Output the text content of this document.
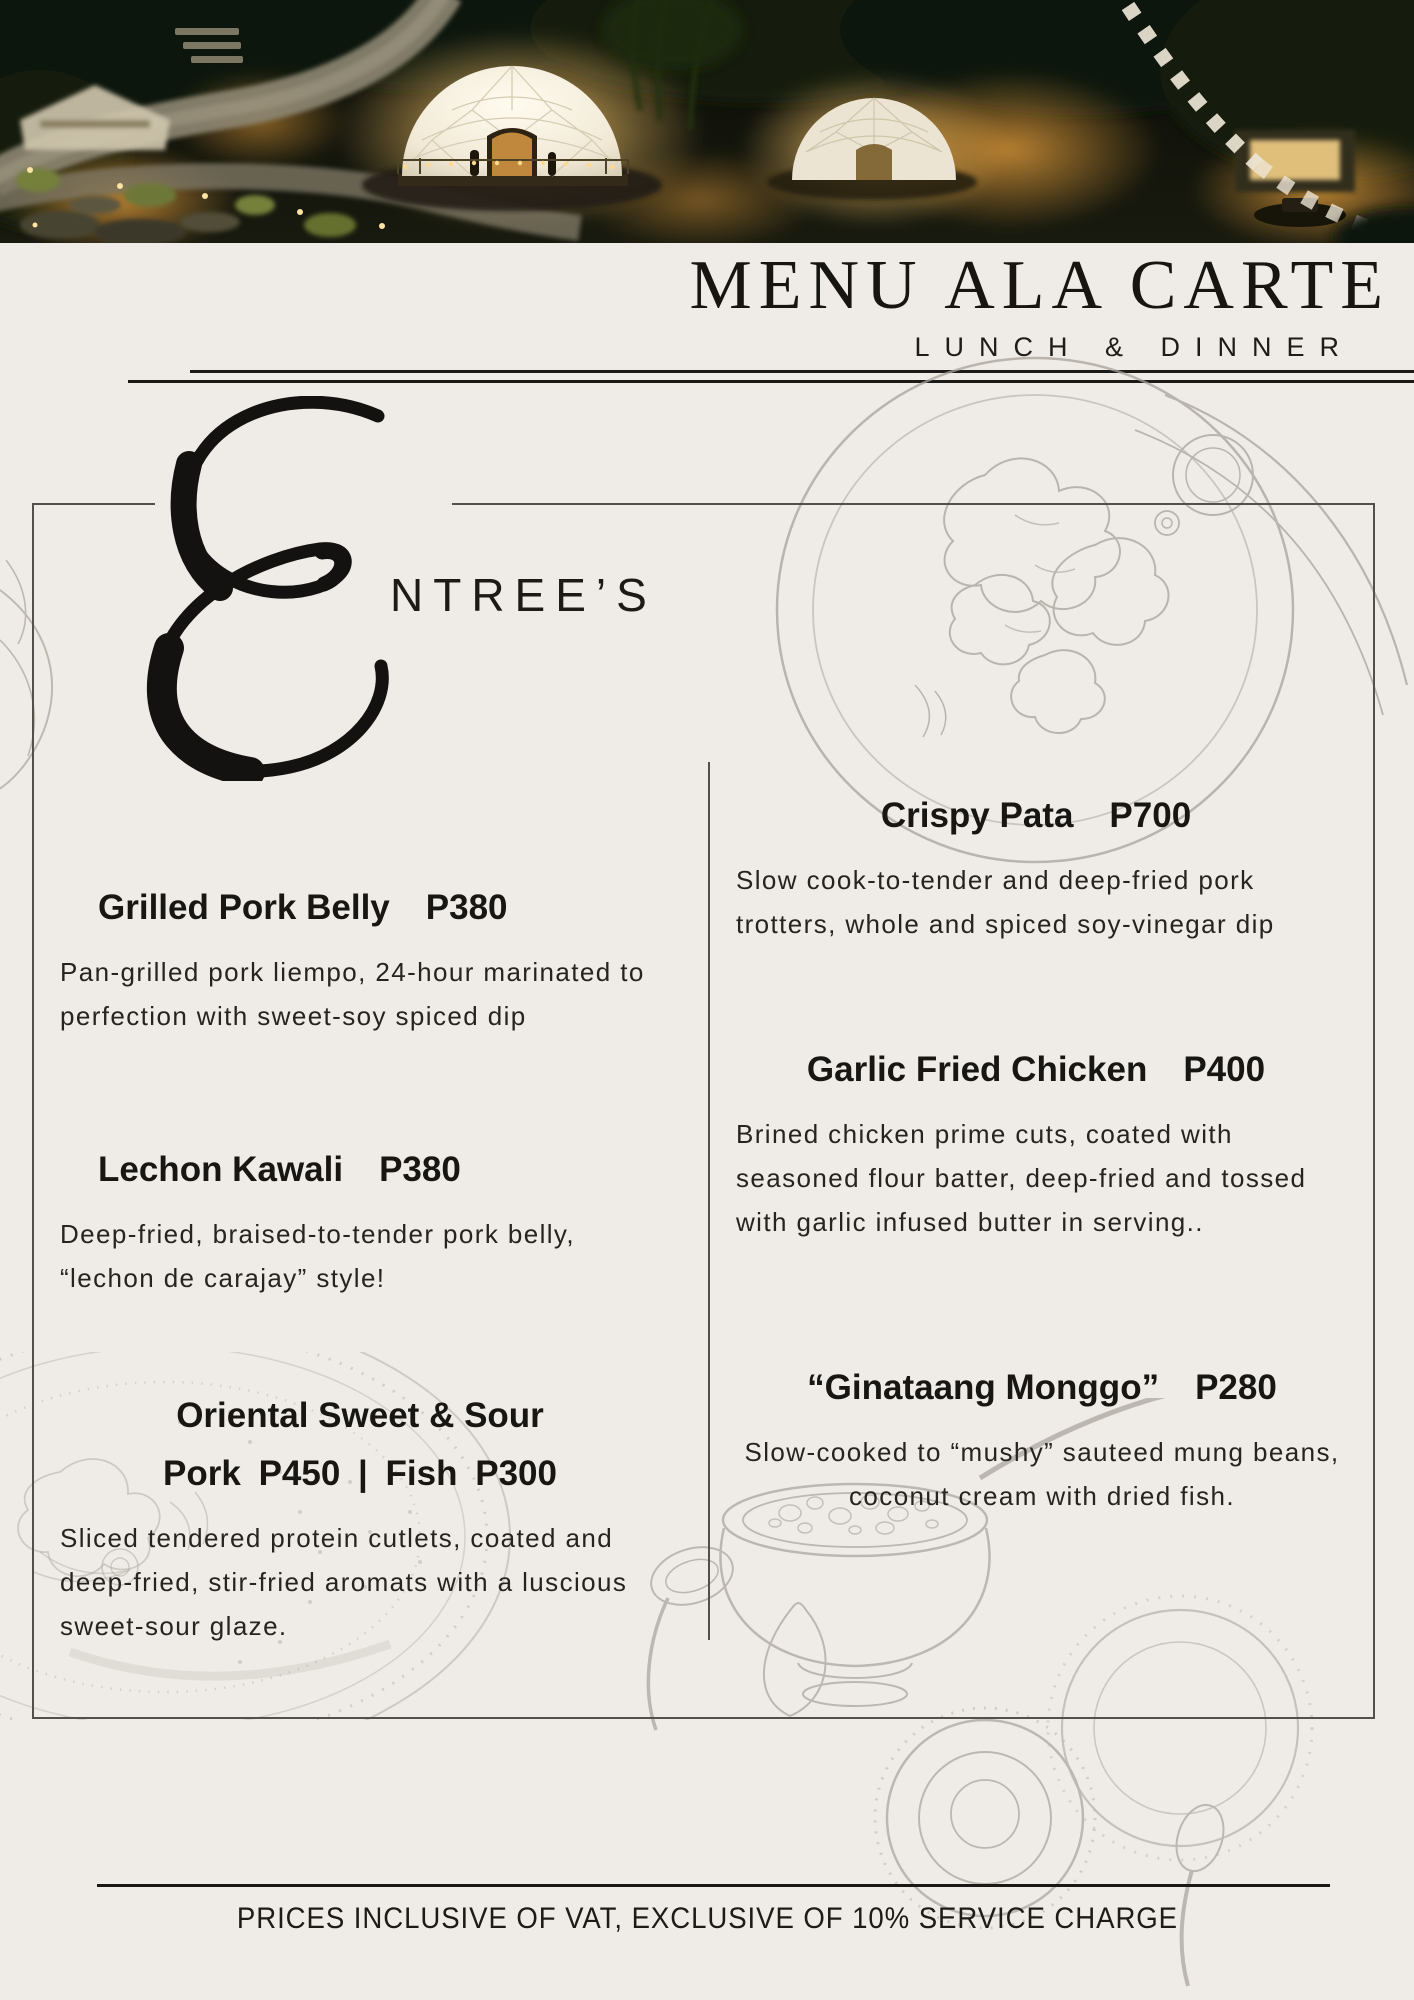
MENU ALA CARTE
LUNCH & DINNER
NTREE’S
Grilled Pork Belly P380
Pan-grilled pork liempo, 24-hour marinated to perfection with sweet-soy spiced dip
Lechon Kawali P380
Deep-fried, braised-to-tender pork belly, “lechon de carajay” style!
Oriental Sweet & Sour
Pork P450 | Fish P300
Sliced tendered protein cutlets, coated and deep-fried, stir-fried aromats with a luscious sweet-sour glaze.
Crispy Pata P700
Slow cook-to-tender and deep-fried pork trotters, whole and spiced soy-vinegar dip
Garlic Fried Chicken P400
Brined chicken prime cuts, coated with seasoned flour batter, deep-fried and tossed with garlic infused butter in serving..
“Ginataang Monggo” P280
Slow-cooked to “mushy” sauteed mung beans, coconut cream with dried fish.
PRICES INCLUSIVE OF VAT, EXCLUSIVE OF 10% SERVICE CHARGE
